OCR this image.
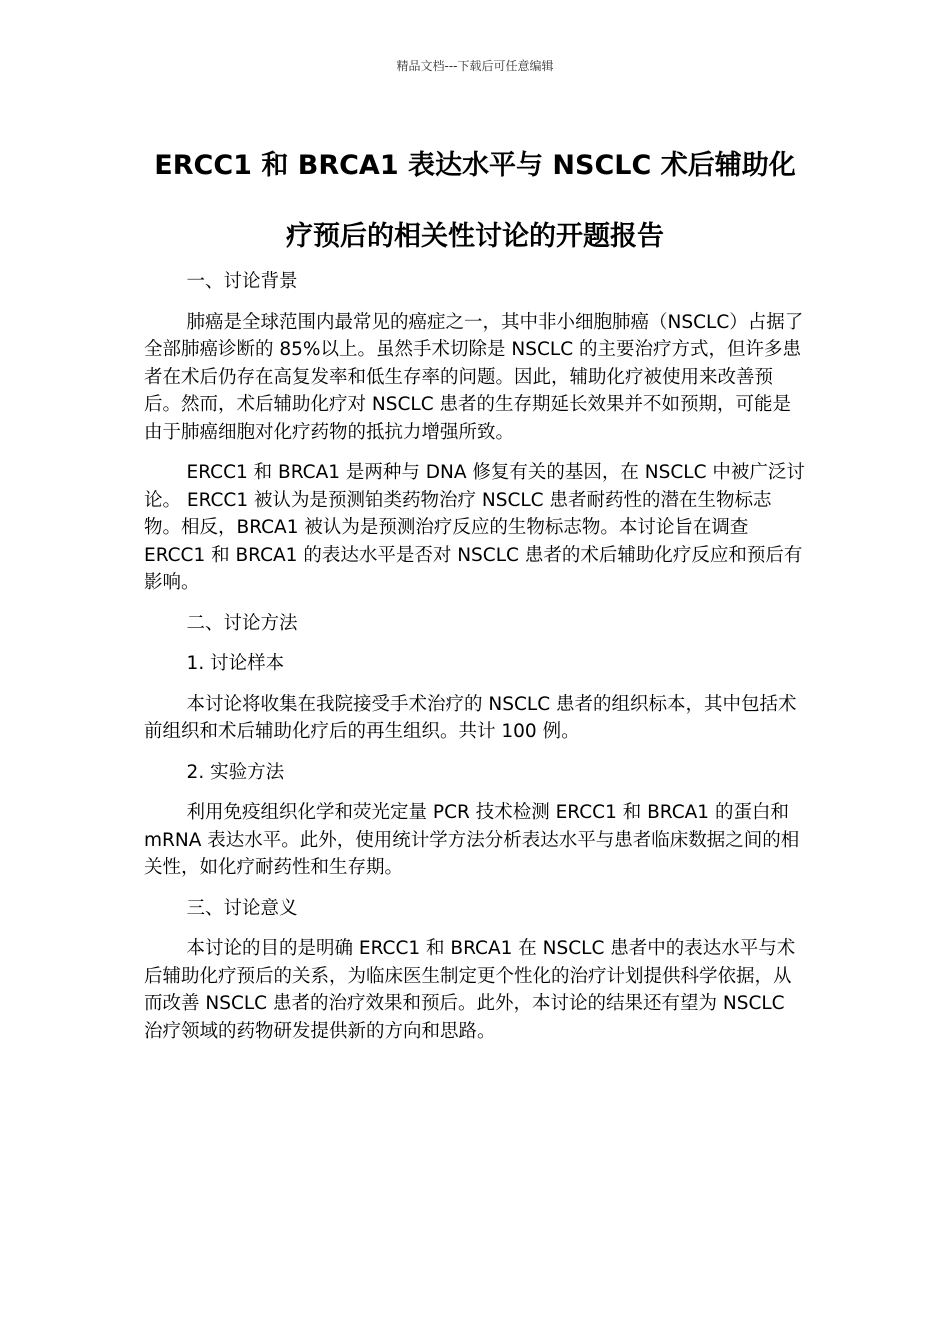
精品文档---下载后可任意编辑
ERCC1 和 BRCA1 表达水平与 NSCLC 术后辅助化
疗预后的相关性讨论的开题报告

一、讨论背景

肺癌是全球范围内最常见的癌症之一，其中非小细胞肺癌（NSCLC）占据了全部肺癌诊断的 85%以上。虽然手术切除是 NSCLC 的主要治疗方式，但许多患者在术后仍存在高复发率和低生存率的问题。因此，辅助化疗被使用来改善预后。然而，术后辅助化疗对 NSCLC 患者的生存期延长效果并不如预期，可能是由于肺癌细胞对化疗药物的抵抗力增强所致。

ERCC1 和 BRCA1 是两种与 DNA 修复有关的基因，在 NSCLC 中被广泛讨论。 ERCC1 被认为是预测铂类药物治疗 NSCLC 患者耐药性的潜在生物标志物。相反，BRCA1 被认为是预测治疗反应的生物标志物。本讨论旨在调查 ERCC1 和 BRCA1 的表达水平是否对 NSCLC 患者的术后辅助化疗反应和预后有影响。

二、讨论方法

1. 讨论样本

本讨论将收集在我院接受手术治疗的 NSCLC 患者的组织标本，其中包括术前组织和术后辅助化疗后的再生组织。共计 100 例。

2. 实验方法

利用免疫组织化学和荧光定量 PCR 技术检测 ERCC1 和 BRCA1 的蛋白和 mRNA 表达水平。此外，使用统计学方法分析表达水平与患者临床数据之间的相关性，如化疗耐药性和生存期。

三、讨论意义

本讨论的目的是明确 ERCC1 和 BRCA1 在 NSCLC 患者中的表达水平与术后辅助化疗预后的关系，为临床医生制定更个性化的治疗计划提供科学依据，从而改善 NSCLC 患者的治疗效果和预后。此外，本讨论的结果还有望为 NSCLC 治疗领域的药物研发提供新的方向和思路。
